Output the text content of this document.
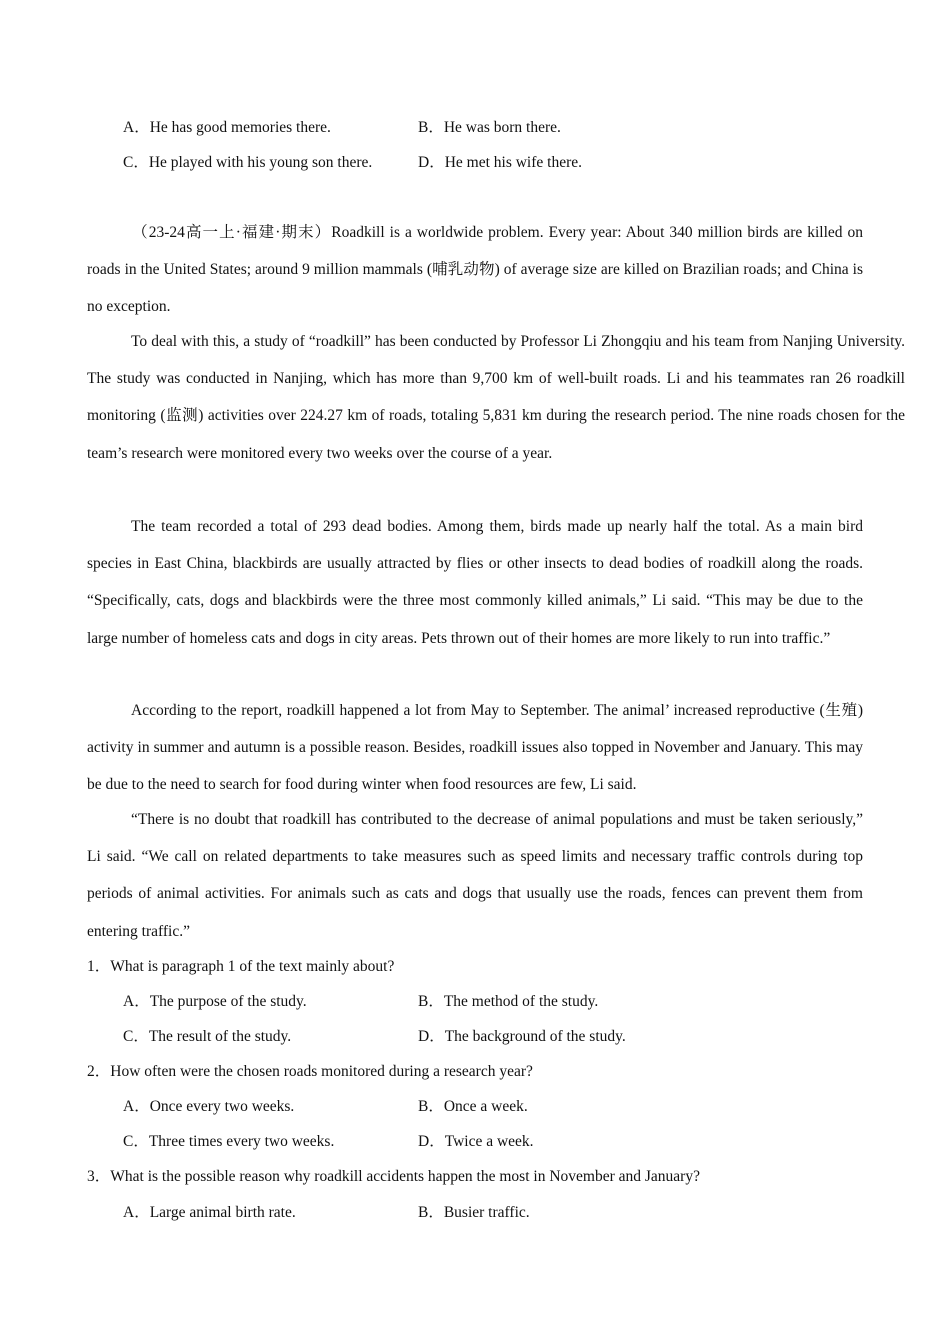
A．He has good memories there.	B．He was born there.
C．He played with his young son there.	D．He met his wife there.
（23-24高一上·福建·期末）Roadkill is a worldwide problem. Every year: About 340 million birds are killed on roads in the United States; around 9 million mammals (哺乳动物) of average size are killed on Brazilian roads; and China is no exception.
To deal with this, a study of “roadkill” has been conducted by Professor Li Zhongqiu and his team from Nanjing University. The study was conducted in Nanjing, which has more than 9,700 km of well-built roads. Li and his teammates ran 26 roadkill monitoring (监测) activities over 224.27 km of roads, totaling 5,831 km during the research period. The nine roads chosen for the team’s research were monitored every two weeks over the course of a year.
The team recorded a total of 293 dead bodies. Among them, birds made up nearly half the total. As a main bird species in East China, blackbirds are usually attracted by flies or other insects to dead bodies of roadkill along the roads. “Specifically, cats, dogs and blackbirds were the three most commonly killed animals,” Li said. “This may be due to the large number of homeless cats and dogs in city areas. Pets thrown out of their homes are more likely to run into traffic.”
According to the report, roadkill happened a lot from May to September. The animal’ increased reproductive (生殖) activity in summer and autumn is a possible reason. Besides, roadkill issues also topped in November and January. This may be due to the need to search for food during winter when food resources are few, Li said.
“There is no doubt that roadkill has contributed to the decrease of animal populations and must be taken seriously,” Li said. “We call on related departments to take measures such as speed limits and necessary traffic controls during top periods of animal activities. For animals such as cats and dogs that usually use the roads, fences can prevent them from entering traffic.”
1．What is paragraph 1 of the text mainly about?
A．The purpose of the study.	B．The method of the study.
C．The result of the study.	D．The background of the study.
2．How often were the chosen roads monitored during a research year?
A．Once every two weeks.	B．Once a week.
C．Three times every two weeks.	D．Twice a week.
3．What is the possible reason why roadkill accidents happen the most in November and January?
A．Large animal birth rate.	B．Busier traffic.
